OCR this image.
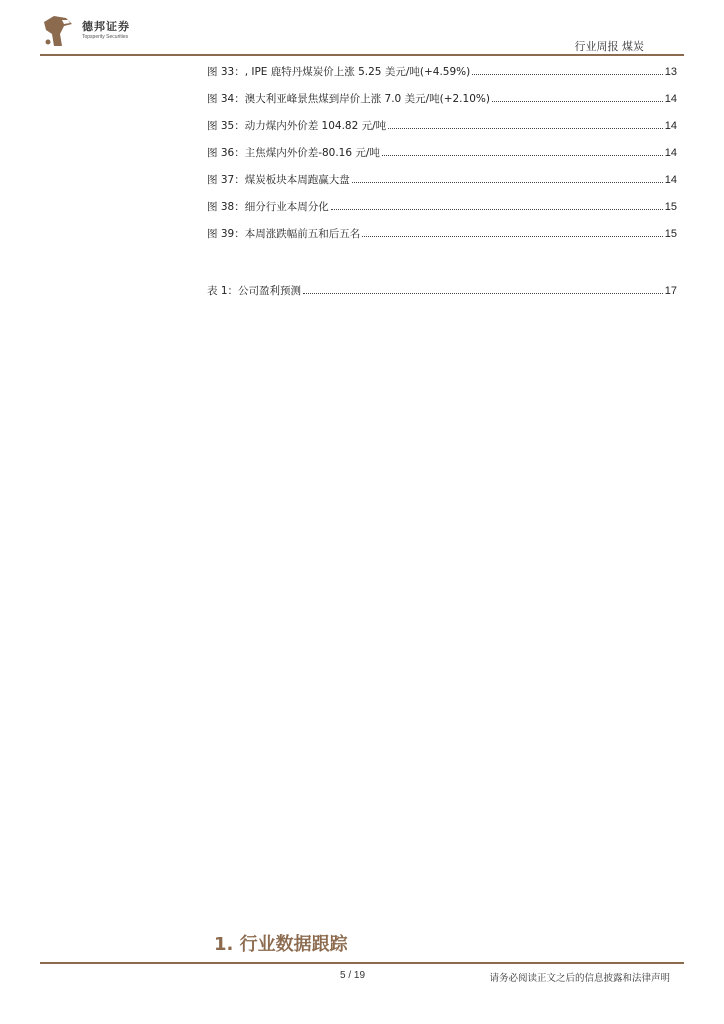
德邦证券
Topsperity Securities
行业周报 煤炭
图 33：, IPE 鹿特丹煤炭价上涨 5.25 美元/吨(+4.59%)	13
图 34：澳大利亚峰景焦煤到岸价上涨 7.0 美元/吨(+2.10%)	14
图 35：动力煤内外价差 104.82 元/吨	14
图 36：主焦煤内外价差-80.16 元/吨	14
图 37：煤炭板块本周跑赢大盘	14
图 38：细分行业本周分化	15
图 39：本周涨跌幅前五和后五名	15
表 1：公司盈利预测	17
1. 行业数据跟踪
5 / 19	请务必阅读正文之后的信息披露和法律声明
